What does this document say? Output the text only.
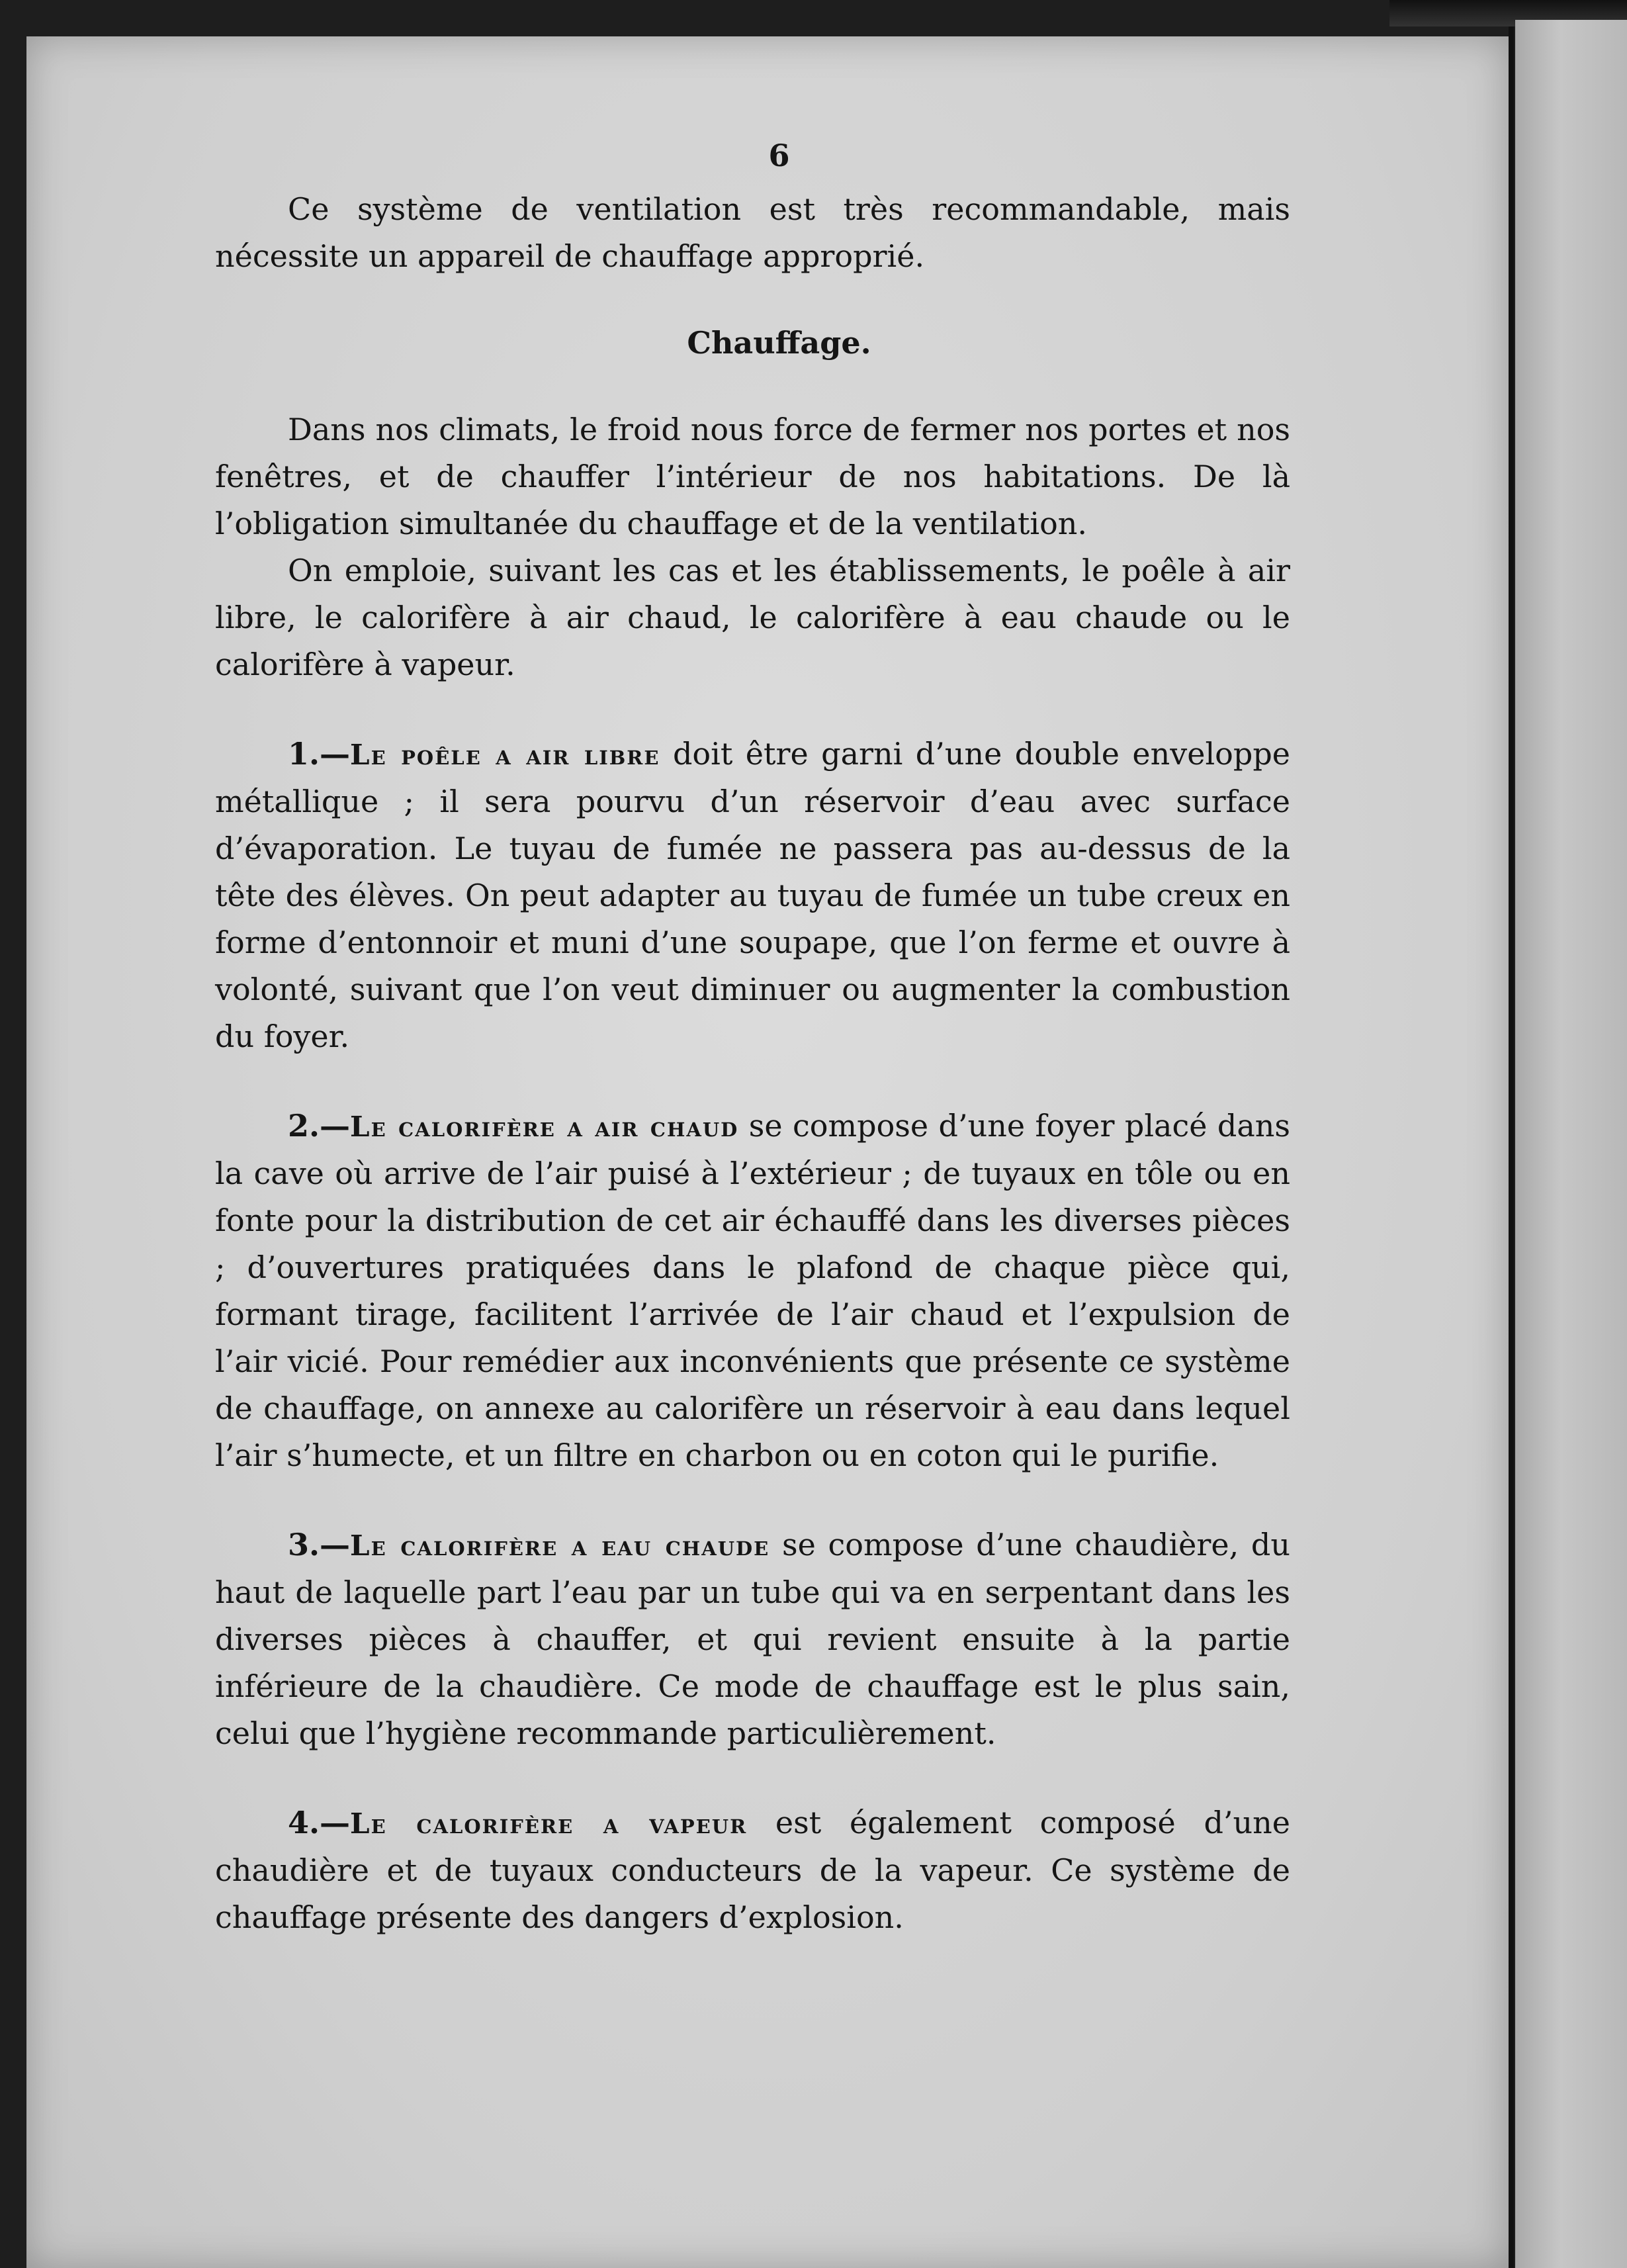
6

Ce système de ventilation est très recommandable, mais nécessite un appareil de chauffage approprié.

Chauffage.

Dans nos climats, le froid nous force de fermer nos portes et nos fenêtres, et de chauffer l’intérieur de nos habitations. De là l’obligation simultanée du chauffage et de la ventilation.

On emploie, suivant les cas et les établissements, le poêle à air libre, le calorifère à air chaud, le calorifère à eau chaude ou le calorifère à vapeur.

1.—Le poêle a air libre doit être garni d’une double enveloppe métallique ; il sera pourvu d’un réservoir d’eau avec surface d’évaporation. Le tuyau de fumée ne passera pas au-dessus de la tête des élèves. On peut adapter au tuyau de fumée un tube creux en forme d’entonnoir et muni d’une soupape, que l’on ferme et ouvre à volonté, suivant que l’on veut diminuer ou augmenter la combustion du foyer.

2.—Le calorifère a air chaud se compose d’une foyer placé dans la cave où arrive de l’air puisé à l’extérieur ; de tuyaux en tôle ou en fonte pour la distribution de cet air échauffé dans les diverses pièces ; d’ouvertures pratiquées dans le plafond de chaque pièce qui, formant tirage, facilitent l’arrivée de l’air chaud et l’expulsion de l’air vicié. Pour remédier aux inconvénients que présente ce système de chauffage, on annexe au calorifère un réservoir à eau dans lequel l’air s’humecte, et un filtre en charbon ou en coton qui le purifie.

3.—Le calorifère a eau chaude se compose d’une chaudière, du haut de laquelle part l’eau par un tube qui va en serpentant dans les diverses pièces à chauffer, et qui revient ensuite à la partie inférieure de la chaudière. Ce mode de chauffage est le plus sain, celui que l’hygiène recommande particulièrement.

4.—Le calorifère a vapeur est également composé d’une chaudière et de tuyaux conducteurs de la vapeur. Ce système de chauffage présente des dangers d’explosion.
